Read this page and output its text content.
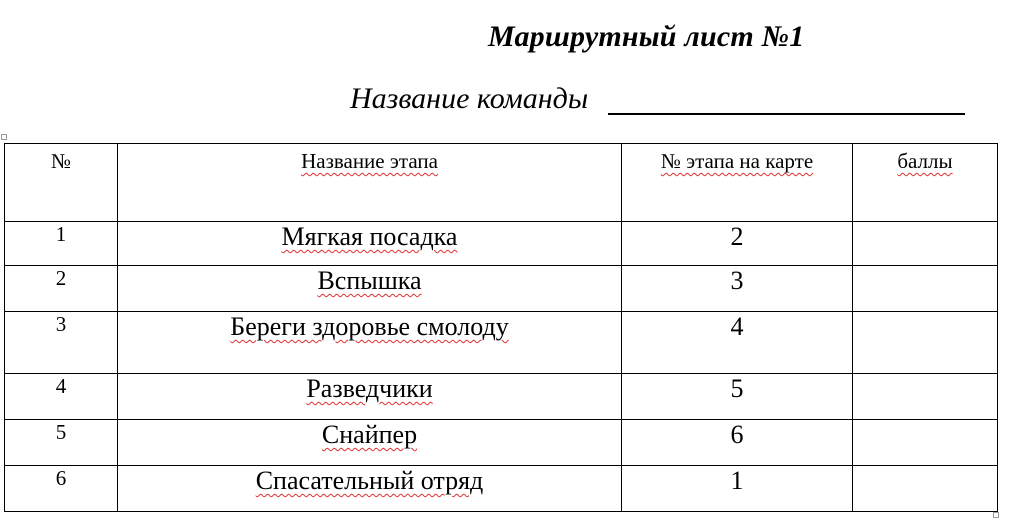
Маршрутный лист №1
Название команды
№	Название этапа	№ этапа на карте	баллы
1	Мягкая посадка	2	
2	Вспышка	3	
3	Береги здоровье смолоду	4	
4	Разведчики	5	
5	Снайпер	6	
6	Спасательный отряд	1	
